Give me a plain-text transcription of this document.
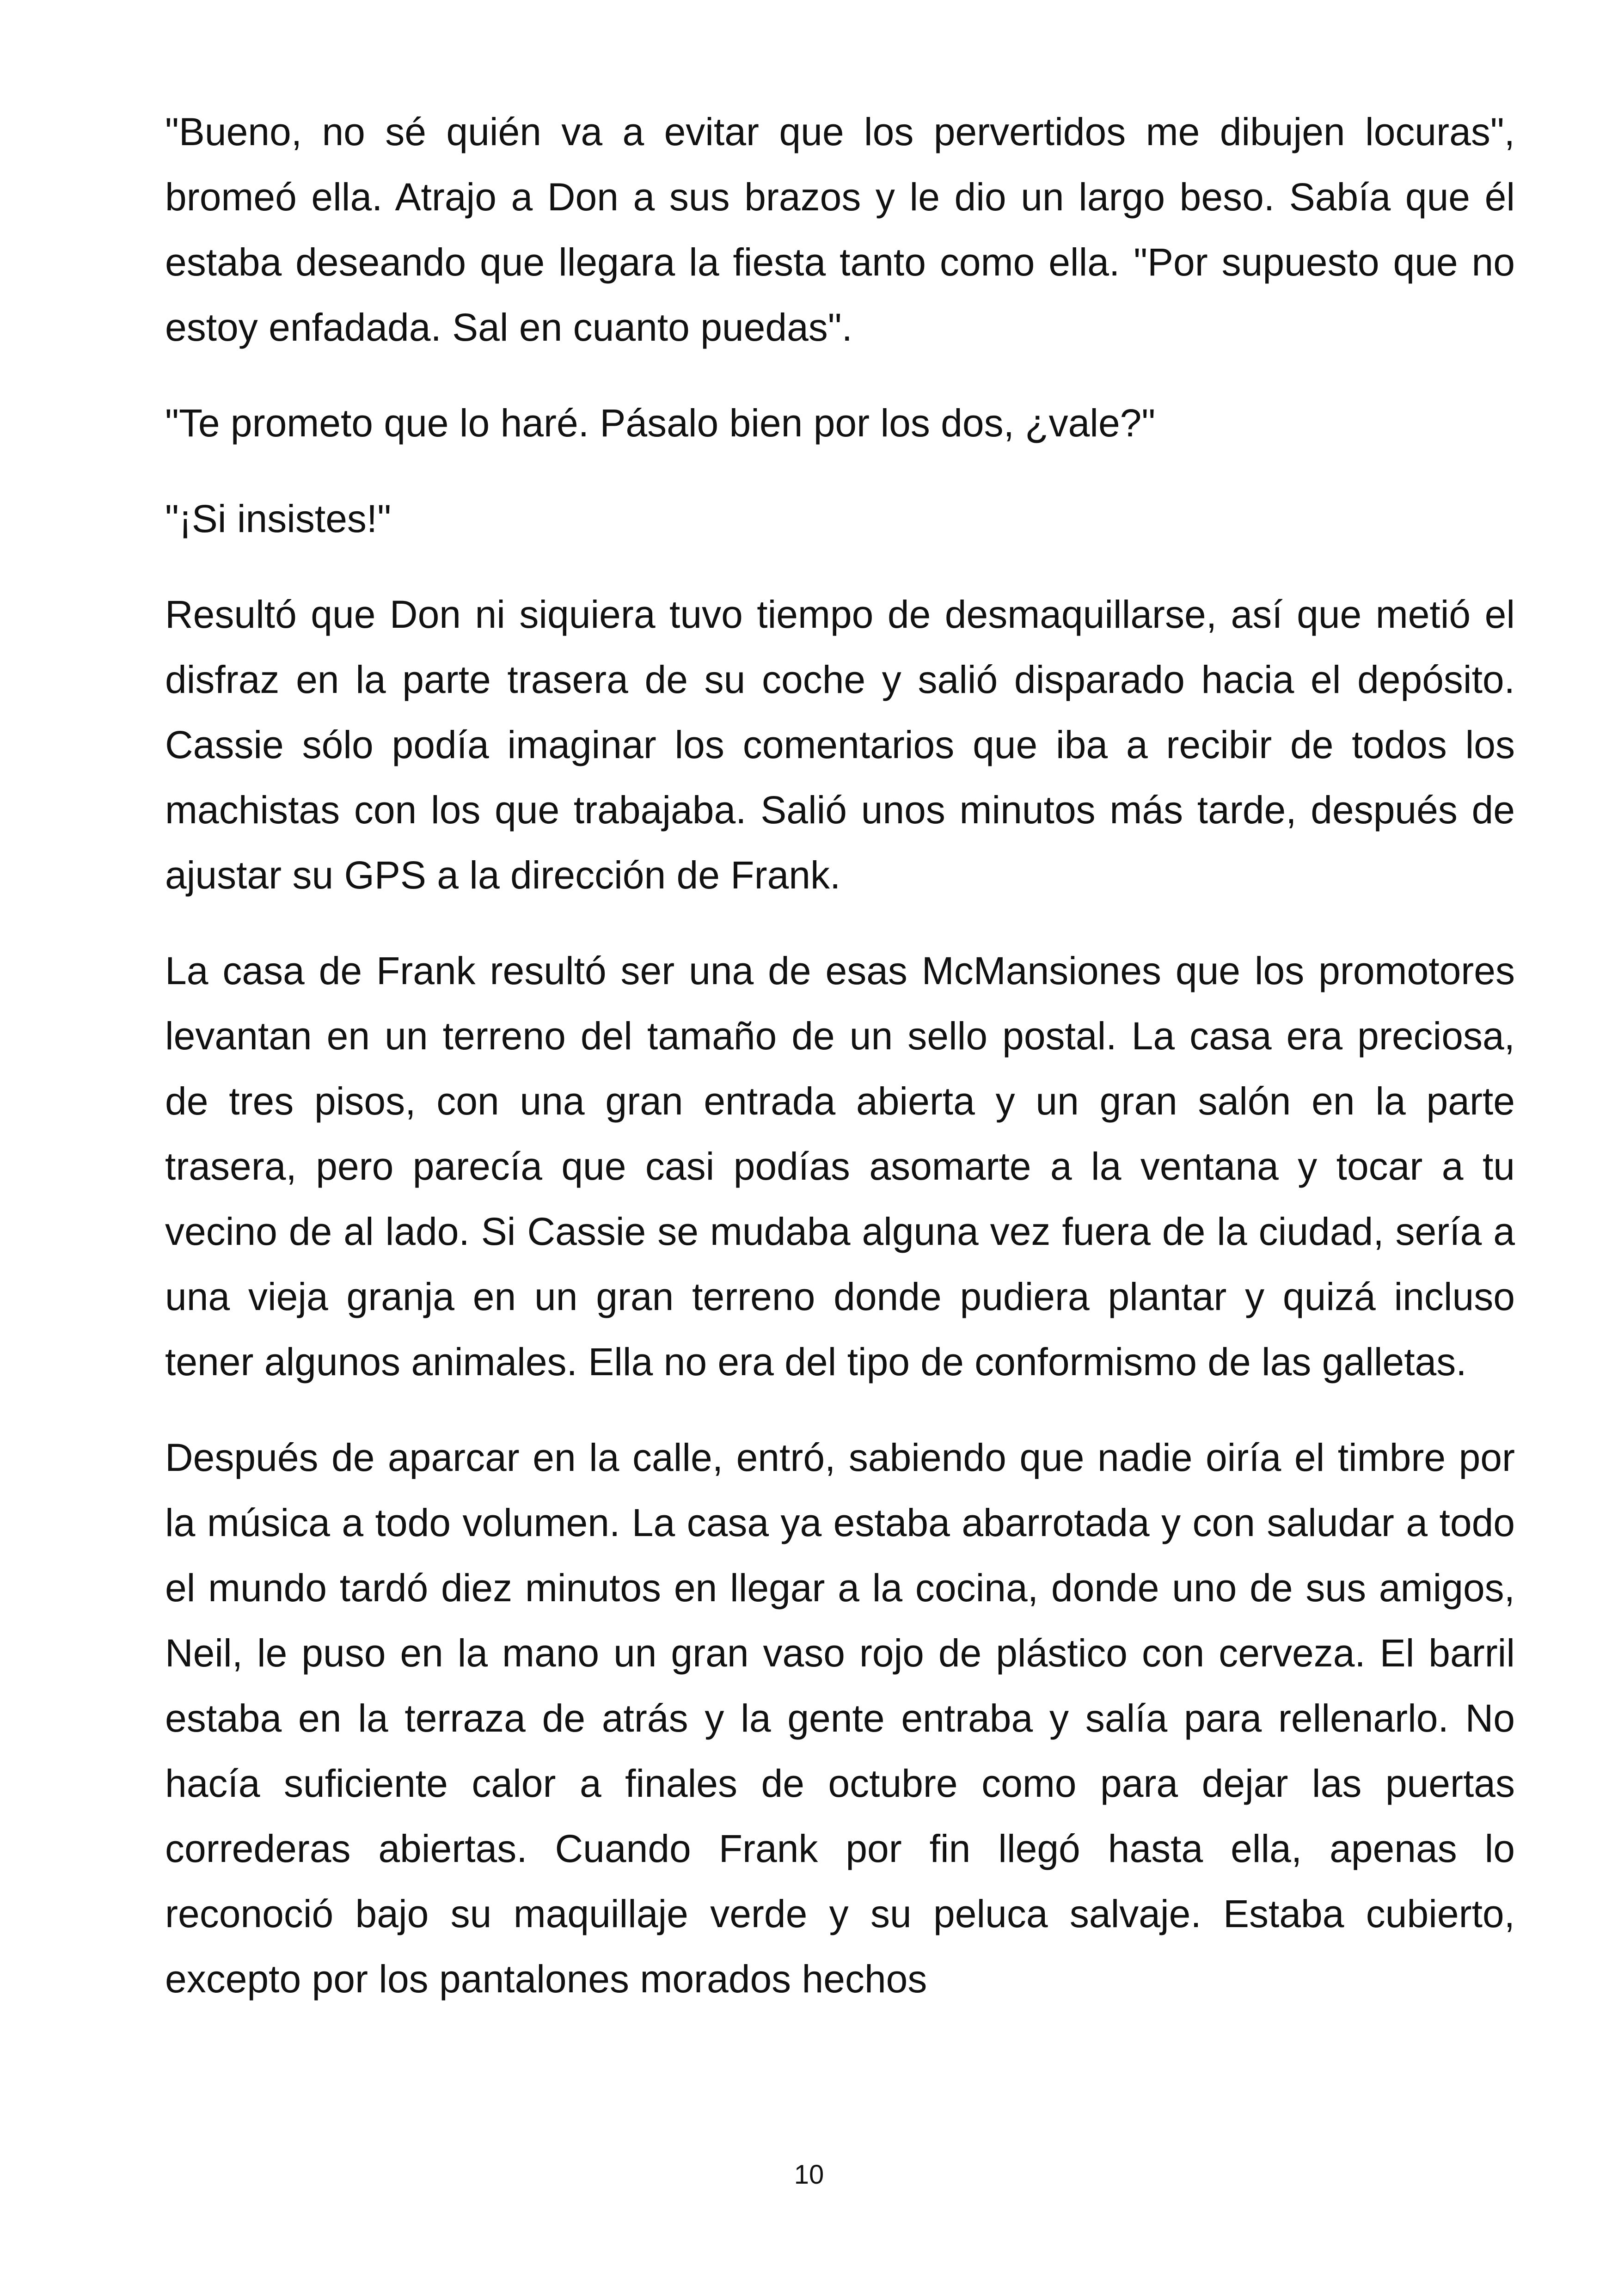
"Bueno, no sé quién va a evitar que los pervertidos me dibujen locuras", bromeó ella. Atrajo a Don a sus brazos y le dio un largo beso. Sabía que él estaba deseando que llegara la fiesta tanto como ella. "Por supuesto que no estoy enfadada. Sal en cuanto puedas".

"Te prometo que lo haré. Pásalo bien por los dos, ¿vale?"

"¡Si insistes!"

Resultó que Don ni siquiera tuvo tiempo de desmaquillarse, así que metió el disfraz en la parte trasera de su coche y salió disparado hacia el depósito. Cassie sólo podía imaginar los comentarios que iba a recibir de todos los machistas con los que trabajaba. Salió unos minutos más tarde, después de ajustar su GPS a la dirección de Frank.

La casa de Frank resultó ser una de esas McMansiones que los promotores levantan en un terreno del tamaño de un sello postal. La casa era preciosa, de tres pisos, con una gran entrada abierta y un gran salón en la parte trasera, pero parecía que casi podías asomarte a la ventana y tocar a tu vecino de al lado. Si Cassie se mudaba alguna vez fuera de la ciudad, sería a una vieja granja en un gran terreno donde pudiera plantar y quizá incluso tener algunos animales. Ella no era del tipo de conformismo de las galletas.

Después de aparcar en la calle, entró, sabiendo que nadie oiría el timbre por la música a todo volumen. La casa ya estaba abarrotada y con saludar a todo el mundo tardó diez minutos en llegar a la cocina, donde uno de sus amigos, Neil, le puso en la mano un gran vaso rojo de plástico con cerveza. El barril estaba en la terraza de atrás y la gente entraba y salía para rellenarlo. No hacía suficiente calor a finales de octubre como para dejar las puertas correderas abiertas. Cuando Frank por fin llegó hasta ella, apenas lo reconoció bajo su maquillaje verde y su peluca salvaje. Estaba cubierto, excepto por los pantalones morados hechos

10
